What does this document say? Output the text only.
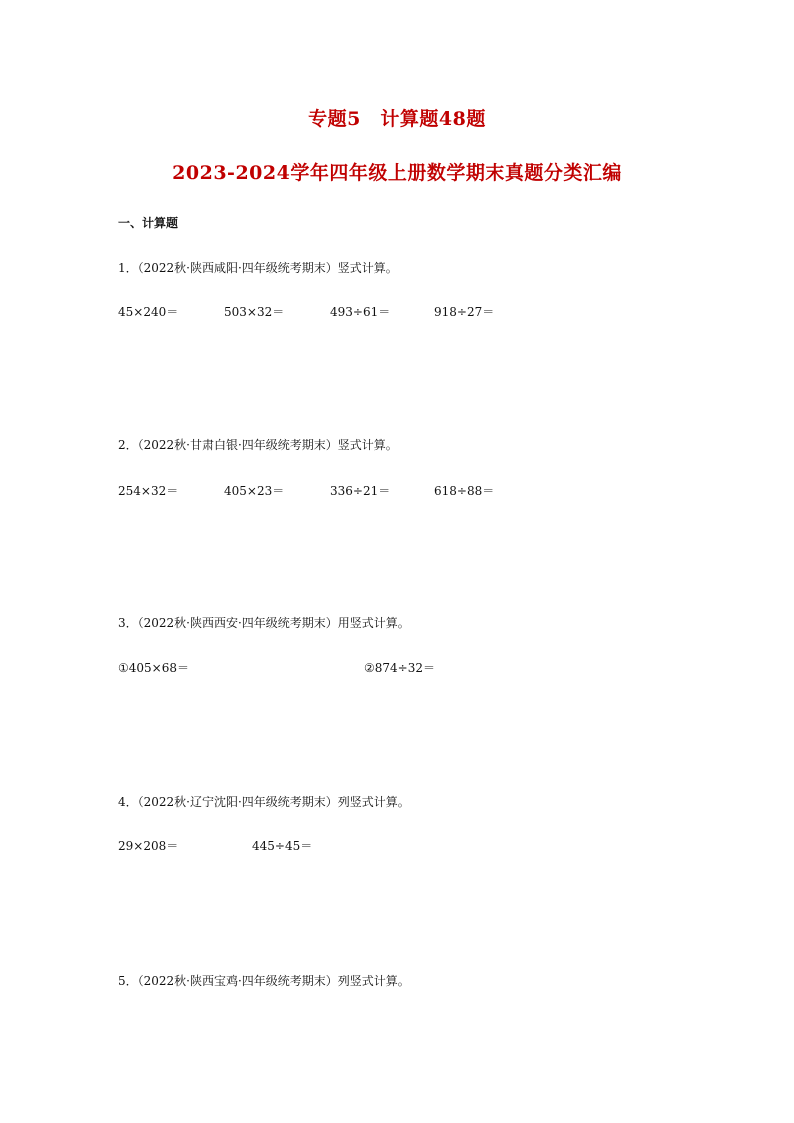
专题5　计算题48题
2023-2024学年四年级上册数学期末真题分类汇编
一、计算题
1．（2022秋·陕西咸阳·四年级统考期末）竖式计算。
45×240＝	503×32＝	493÷61＝	918÷27＝
2．（2022秋·甘肃白银·四年级统考期末）竖式计算。
254×32＝	405×23＝	336÷21＝	618÷88＝
3．（2022秋·陕西西安·四年级统考期末）用竖式计算。
①405×68＝	②874÷32＝
4．（2022秋·辽宁沈阳·四年级统考期末）列竖式计算。
29×208＝	445÷45＝
5．（2022秋·陕西宝鸡·四年级统考期末）列竖式计算。
